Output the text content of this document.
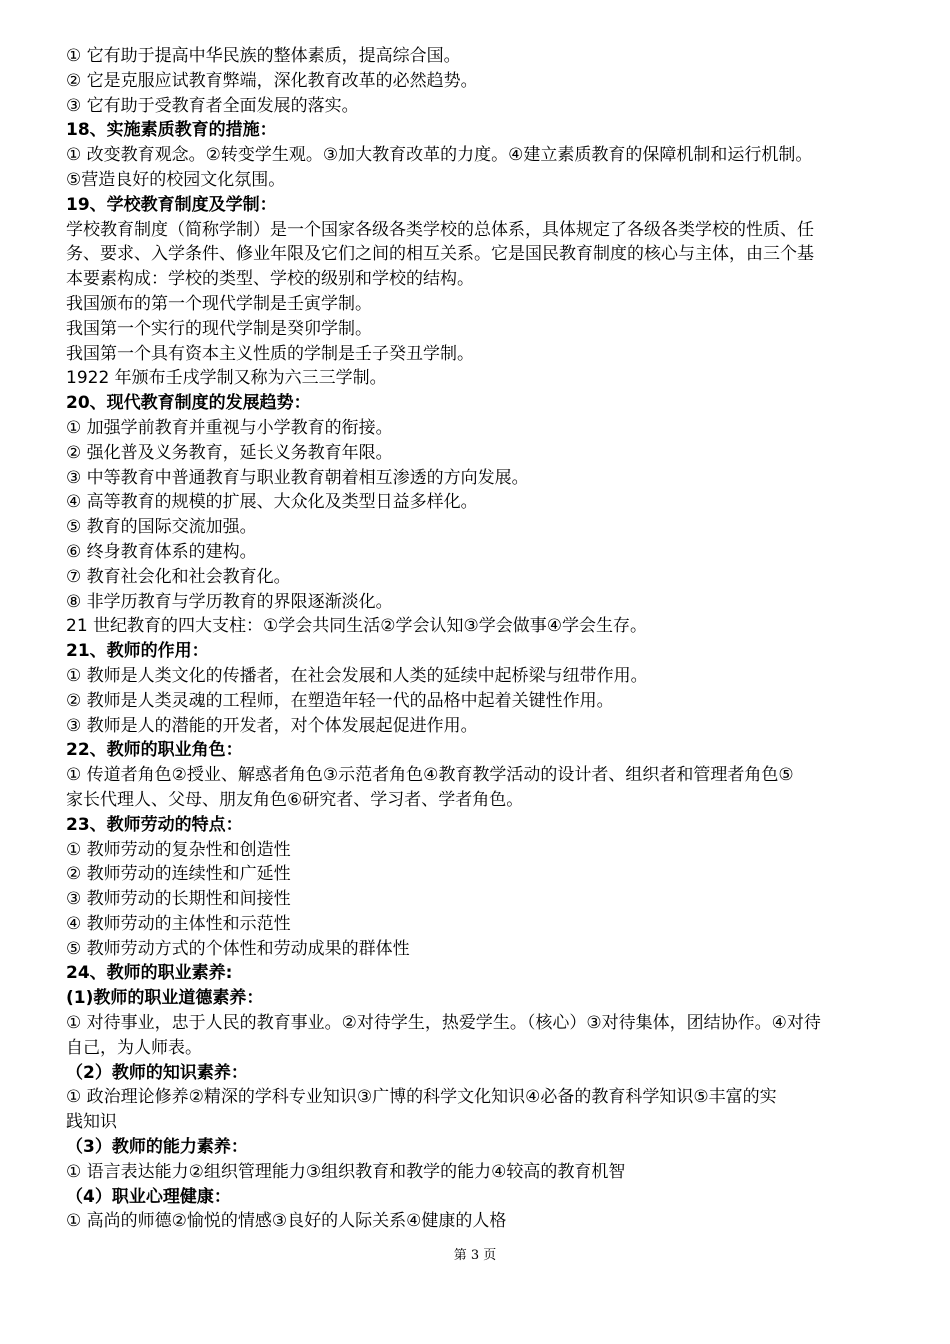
① 它有助于提高中华民族的整体素质，提高综合国。
② 它是克服应试教育弊端，深化教育改革的必然趋势。
③ 它有助于受教育者全面发展的落实。
18、实施素质教育的措施：
① 改变教育观念。②转变学生观。③加大教育改革的力度。④建立素质教育的保障机制和运行机制。
⑤营造良好的校园文化氛围。
19、学校教育制度及学制：
学校教育制度（简称学制）是一个国家各级各类学校的总体系，具体规定了各级各类学校的性质、任
务、要求、入学条件、修业年限及它们之间的相互关系。它是国民教育制度的核心与主体，由三个基
本要素构成：学校的类型、学校的级别和学校的结构。
我国颁布的第一个现代学制是壬寅学制。
我国第一个实行的现代学制是癸卯学制。
我国第一个具有资本主义性质的学制是壬子癸丑学制。
1922 年颁布壬戌学制又称为六三三学制。
20、现代教育制度的发展趋势：
① 加强学前教育并重视与小学教育的衔接。
② 强化普及义务教育，延长义务教育年限。
③ 中等教育中普通教育与职业教育朝着相互渗透的方向发展。
④ 高等教育的规模的扩展、大众化及类型日益多样化。
⑤ 教育的国际交流加强。
⑥ 终身教育体系的建构。
⑦ 教育社会化和社会教育化。
⑧ 非学历教育与学历教育的界限逐渐淡化。
21 世纪教育的四大支柱：①学会共同生活②学会认知③学会做事④学会生存。
21、教师的作用：
① 教师是人类文化的传播者，在社会发展和人类的延续中起桥梁与纽带作用。
② 教师是人类灵魂的工程师，在塑造年轻一代的品格中起着关键性作用。
③ 教师是人的潜能的开发者，对个体发展起促进作用。
22、教师的职业角色：
① 传道者角色②授业、解惑者角色③示范者角色④教育教学活动的设计者、组织者和管理者角色⑤
家长代理人、父母、朋友角色⑥研究者、学习者、学者角色。
23、教师劳动的特点：
① 教师劳动的复杂性和创造性
② 教师劳动的连续性和广延性
③ 教师劳动的长期性和间接性
④ 教师劳动的主体性和示范性
⑤ 教师劳动方式的个体性和劳动成果的群体性
24、教师的职业素养:
(1)教师的职业道德素养：
① 对待事业，忠于人民的教育事业。②对待学生，热爱学生。（核心）③对待集体，团结协作。④对待
自己，为人师表。
（2）教师的知识素养：
① 政治理论修养②精深的学科专业知识③广博的科学文化知识④必备的教育科学知识⑤丰富的实
践知识
（3）教师的能力素养：
① 语言表达能力②组织管理能力③组织教育和教学的能力④较高的教育机智
（4）职业心理健康：
① 高尚的师德②愉悦的情感③良好的人际关系④健康的人格
第 3 页
